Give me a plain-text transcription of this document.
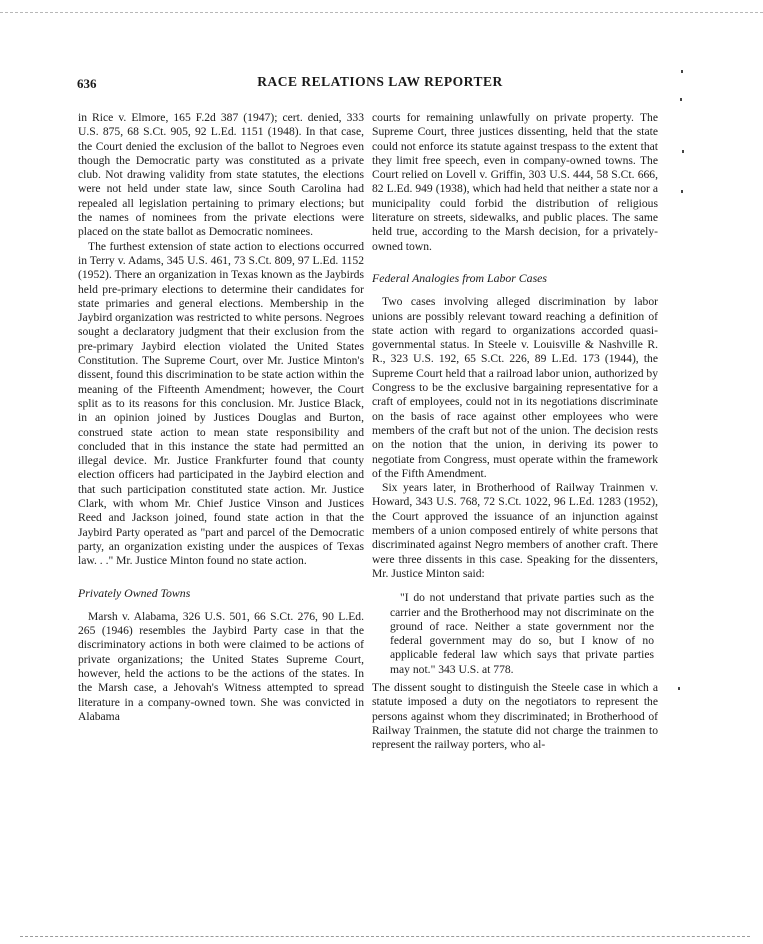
636	RACE RELATIONS LAW REPORTER

in Rice v. Elmore, 165 F.2d 387 (1947); cert. denied, 333 U.S. 875, 68 S.Ct. 905, 92 L.Ed. 1151 (1948). In that case, the Court denied the exclusion of the ballot to Negroes even though the Democratic party was constituted as a private club. Not drawing validity from state statutes, the elections were not held under state law, since South Carolina had repealed all legislation pertaining to primary elections; but the names of nominees from the private elections were placed on the state ballot as Democratic nominees.

The furthest extension of state action to elections occurred in Terry v. Adams, 345 U.S. 461, 73 S.Ct. 809, 97 L.Ed. 1152 (1952). There an organization in Texas known as the Jaybirds held pre-primary elections to determine their candidates for state primaries and general elections. Membership in the Jaybird organization was restricted to white persons. Negroes sought a declaratory judgment that their exclusion from the pre-primary Jaybird election violated the United States Constitution. The Supreme Court, over Mr. Justice Minton's dissent, found this discrimination to be state action within the meaning of the Fifteenth Amendment; however, the Court split as to its reasons for this conclusion. Mr. Justice Black, in an opinion joined by Justices Douglas and Burton, construed state action to mean state responsibility and concluded that in this instance the state had permitted an illegal device. Mr. Justice Frankfurter found that county election officers had participated in the Jaybird election and that such participation constituted state action. Mr. Justice Clark, with whom Mr. Chief Justice Vinson and Justices Reed and Jackson joined, found state action in that the Jaybird Party operated as "part and parcel of the Democratic party, an organization existing under the auspices of Texas law. . ." Mr. Justice Minton found no state action.

Privately Owned Towns

Marsh v. Alabama, 326 U.S. 501, 66 S.Ct. 276, 90 L.Ed. 265 (1946) resembles the Jaybird Party case in that the discriminatory actions in both were claimed to be actions of private organizations; the United States Supreme Court, however, held the actions to be the actions of the states. In the Marsh case, a Jehovah's Witness attempted to spread literature in a company-owned town. She was convicted in Alabama

courts for remaining unlawfully on private property. The Supreme Court, three justices dissenting, held that the state could not enforce its statute against trespass to the extent that they limit free speech, even in company-owned towns. The Court relied on Lovell v. Griffin, 303 U.S. 444, 58 S.Ct. 666, 82 L.Ed. 949 (1938), which had held that neither a state nor a municipality could forbid the distribution of religious literature on streets, sidewalks, and public places. The same held true, according to the Marsh decision, for a privately-owned town.

Federal Analogies from Labor Cases

Two cases involving alleged discrimination by labor unions are possibly relevant toward reaching a definition of state action with regard to organizations accorded quasi-governmental status. In Steele v. Louisville & Nashville R. R., 323 U.S. 192, 65 S.Ct. 226, 89 L.Ed. 173 (1944), the Supreme Court held that a railroad labor union, authorized by Congress to be the exclusive bargaining representative for a craft of employees, could not in its negotiations discriminate on the basis of race against other employees who were members of the craft but not of the union. The decision rests on the notion that the union, in deriving its power to negotiate from Congress, must operate within the framework of the Fifth Amendment.

Six years later, in Brotherhood of Railway Trainmen v. Howard, 343 U.S. 768, 72 S.Ct. 1022, 96 L.Ed. 1283 (1952), the Court approved the issuance of an injunction against members of a union composed entirely of white persons that discriminated against Negro members of another craft. There were three dissents in this case. Speaking for the dissenters, Mr. Justice Minton said:

"I do not understand that private parties such as the carrier and the Brotherhood may not discriminate on the ground of race. Neither a state government nor the federal government may do so, but I know of no applicable federal law which says that private parties may not." 343 U.S. at 778.

The dissent sought to distinguish the Steele case in which a statute imposed a duty on the negotiators to represent the persons against whom they discriminated; in Brotherhood of Railway Trainmen, the statute did not charge the trainmen to represent the railway porters, who al-
